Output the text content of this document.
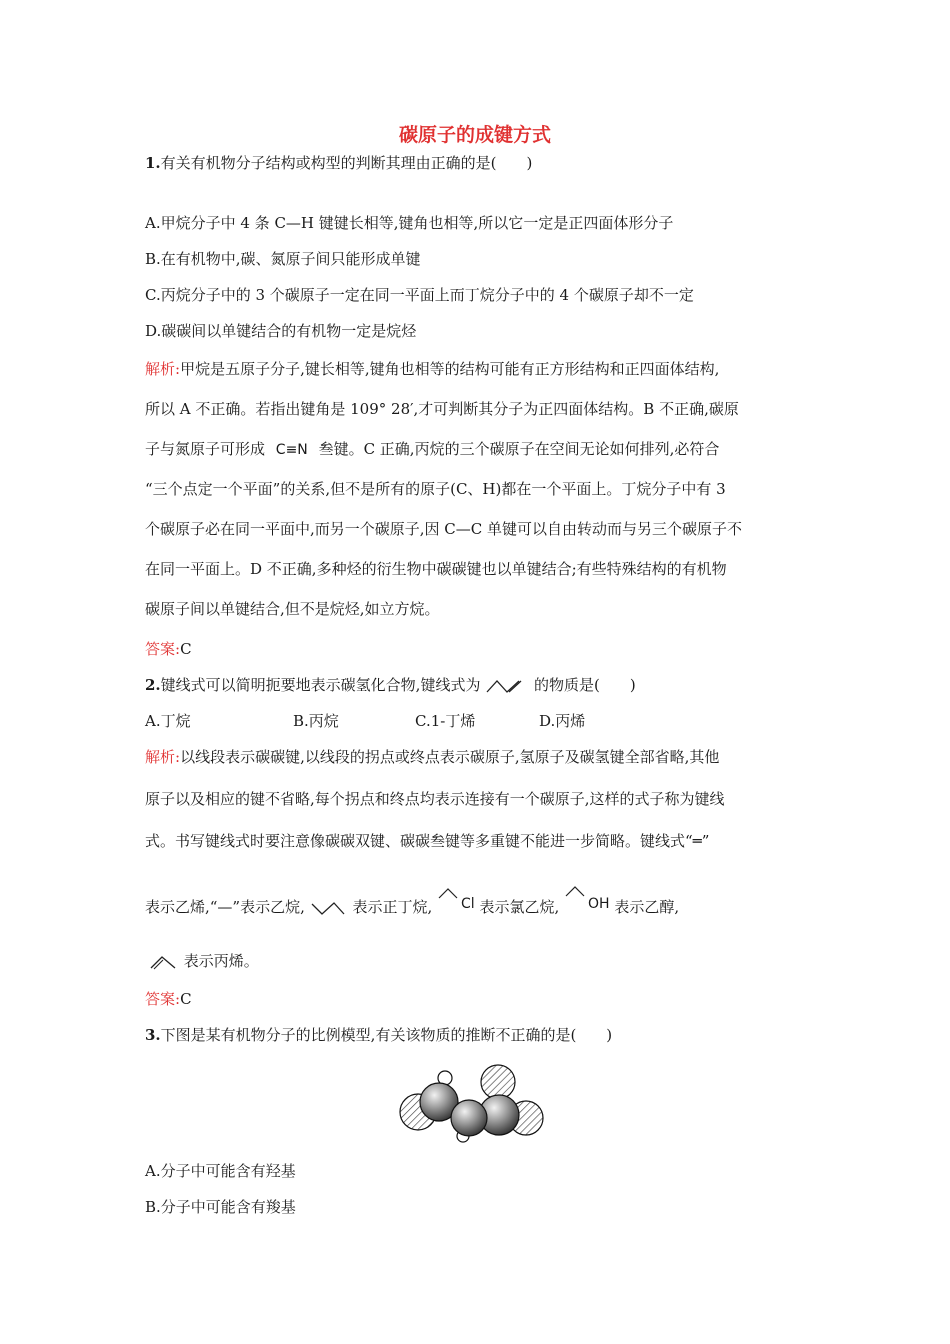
碳原子的成键方式
1.有关有机物分子结构或构型的判断其理由正确的是(　　)
A.甲烷分子中 4 条 C—H 键键长相等,键角也相等,所以它一定是正四面体形分子
B.在有机物中,碳、氮原子间只能形成单键
C.丙烷分子中的 3 个碳原子一定在同一平面上而丁烷分子中的 4 个碳原子却不一定
D.碳碳间以单键结合的有机物一定是烷烃
解析:甲烷是五原子分子,键长相等,键角也相等的结构可能有正方形结构和正四面体结构,
所以 A 不正确。若指出键角是 109° 28′,才可判断其分子为正四面体结构。B 不正确,碳原
子与氮原子可形成 C≡N 叁键。C 正确,丙烷的三个碳原子在空间无论如何排列,必符合
“三个点定一个平面”的关系,但不是所有的原子(C、H)都在一个平面上。丁烷分子中有 3
个碳原子必在同一平面中,而另一个碳原子,因 C—C 单键可以自由转动而与另三个碳原子不
在同一平面上。D 不正确,多种烃的衍生物中碳碳键也以单键结合;有些特殊结构的有机物
碳原子间以单键结合,但不是烷烃,如立方烷。
答案:C
2.键线式可以简明扼要地表示碳氢化合物,键线式为	的物质是(　　)
A.丁烷	B.丙烷	C.1-丁烯	D.丙烯
解析:以线段表示碳碳键,以线段的拐点或终点表示碳原子,氢原子及碳氢键全部省略,其他
原子以及相应的键不省略,每个拐点和终点均表示连接有一个碳原子,这样的式子称为键线
式。书写键线式时要注意像碳碳双键、碳碳叁键等多重键不能进一步简略。键线式“═”
表示乙烯,“—”表示乙烷,	表示正丁烷, Cl 表示氯乙烷, OH 表示乙醇,
表示丙烯。
答案:C
3.下图是某有机物分子的比例模型,有关该物质的推断不正确的是(　　)
A.分子中可能含有羟基
B.分子中可能含有羧基
